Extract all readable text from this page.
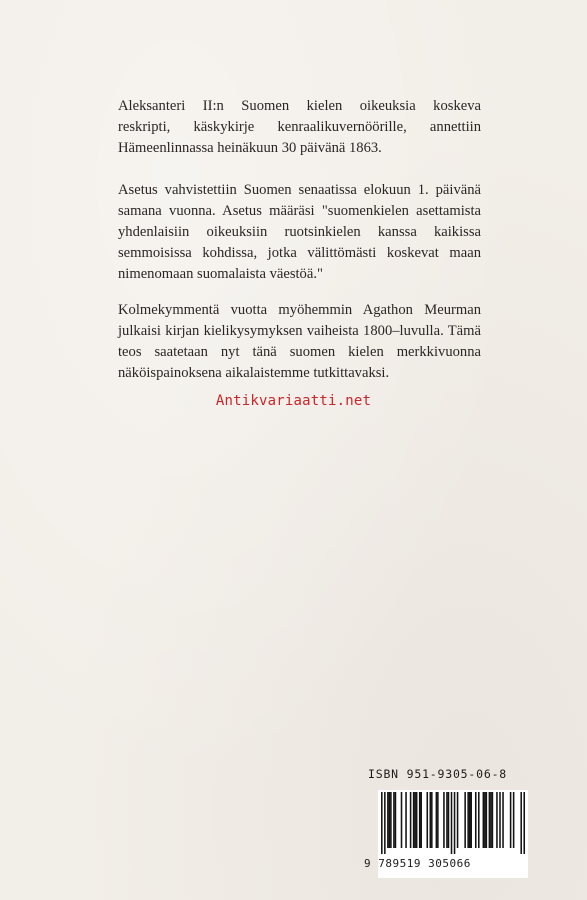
Aleksanteri II:n Suomen kielen oikeuksia koskeva
reskripti, käskykirje kenraalikuvernöörille, annettiin
Hämeenlinnassa heinäkuun 30 päivänä 1863.
Asetus vahvistettiin Suomen senaatissa elokuun 1. päivänä
samana vuonna. Asetus määräsi "suomenkielen asettamista
yhdenlaisiin oikeuksiin ruotsinkielen kanssa kaikissa
semmoisissa kohdissa, jotka välittömästi koskevat maan
nimenomaan suomalaista väestöä."
Kolmekymmentä vuotta myöhemmin Agathon Meurman
julkaisi kirjan kielikysymyksen vaiheista 1800–luvulla. Tämä
teos saatetaan nyt tänä suomen kielen merkkivuonna
näköispainoksena aikalaistemme tutkittavaksi.
Antikvariaatti.net
ISBN 951-9305-06-8
9 789519 305066
